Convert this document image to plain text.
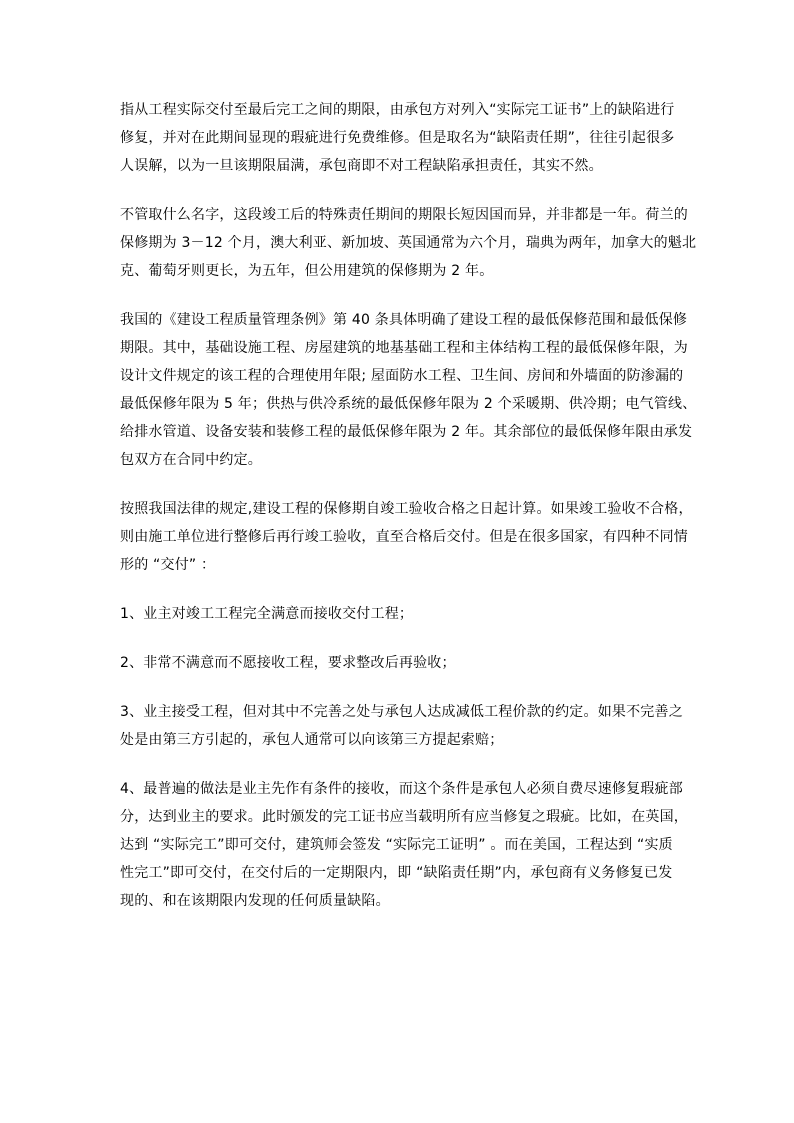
指从工程实际交付至最后完工之间的期限，由承包方对列入“实际完工证书”上的缺陷进行
修复，并对在此期间显现的瑕疵进行免费维修。但是取名为“缺陷责任期”，往往引起很多
人误解，以为一旦该期限届满，承包商即不对工程缺陷承担责任，其实不然。

不管取什么名字，这段竣工后的特殊责任期间的期限长短因国而异，并非都是一年。荷兰的
保修期为 3－12 个月，澳大利亚、新加坡、英国通常为六个月，瑞典为两年，加拿大的魁北
克、葡萄牙则更长，为五年，但公用建筑的保修期为 2 年。

我国的《建设工程质量管理条例》第 40 条具体明确了建设工程的最低保修范围和最低保修
期限。其中，基础设施工程、房屋建筑的地基基础工程和主体结构工程的最低保修年限，为
设计文件规定的该工程的合理使用年限; 屋面防水工程、卫生间、房间和外墙面的防渗漏的
最低保修年限为 5 年；供热与供冷系统的最低保修年限为 2 个采暖期、供冷期；电气管线、
给排水管道、设备安装和装修工程的最低保修年限为 2 年。其余部位的最低保修年限由承发
包双方在合同中约定。

按照我国法律的规定,建设工程的保修期自竣工验收合格之日起计算。如果竣工验收不合格，
则由施工单位进行整修后再行竣工验收，直至合格后交付。但是在很多国家，有四种不同情
形的 “交付” ：

1、业主对竣工工程完全满意而接收交付工程；

2、非常不满意而不愿接收工程，要求整改后再验收；

3、业主接受工程，但对其中不完善之处与承包人达成减低工程价款的约定。如果不完善之
处是由第三方引起的，承包人通常可以向该第三方提起索赔；

4、最普遍的做法是业主先作有条件的接收，而这个条件是承包人必须自费尽速修复瑕疵部
分，达到业主的要求。此时颁发的完工证书应当载明所有应当修复之瑕疵。比如，在英国，
达到 “实际完工”即可交付，建筑师会签发 “实际完工证明” 。而在美国，工程达到 “实质
性完工”即可交付，在交付后的一定期限内，即 “缺陷责任期”内，承包商有义务修复已发
现的、和在该期限内发现的任何质量缺陷。
